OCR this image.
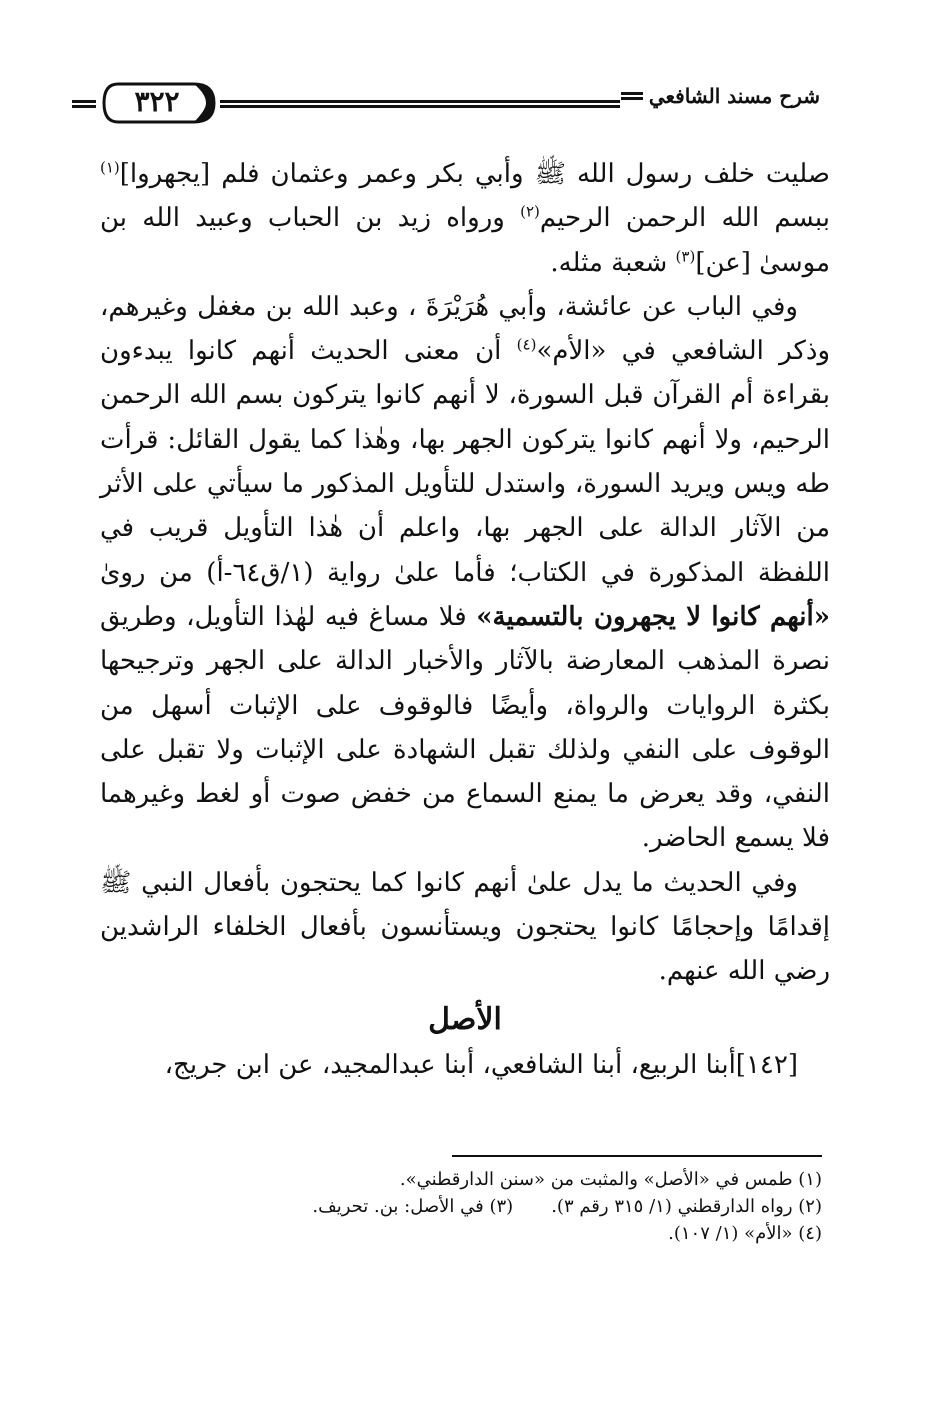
شرح مسند الشافعي
٣٢٢

صليت خلف رسول الله ﷺ وأبي بكر وعمر وعثمان فلم [يجهروا]$^{(١)}$ ببسم الله الرحمن الرحيم$^{(٢)}$ ورواه زيد بن الحباب وعبيد الله بن موسىٰ [عن]$^{(٣)}$ شعبة مثله.

وفي الباب عن عائشة، وأبي هُرَيْرَةَ ، وعبد الله بن مغفل وغيرهم، وذكر الشافعي في «الأم»$^{(٤)}$ أن معنى الحديث أنهم كانوا يبدءون بقراءة أم القرآن قبل السورة، لا أنهم كانوا يتركون بسم الله الرحمن الرحيم، ولا أنهم كانوا يتركون الجهر بها، وهٰذا كما يقول القائل: قرأت طه ويس ويريد السورة، واستدل للتأويل المذكور ما سيأتي على الأثر من الآثار الدالة على الجهر بها، واعلم أن هٰذا التأويل قريب في اللفظة المذكورة في الكتاب؛ فأما علىٰ رواية (١/ق٦٤-أ) من روىٰ «أنهم كانوا لا يجهرون بالتسمية» فلا مساغ فيه لهٰذا التأويل، وطريق نصرة المذهب المعارضة بالآثار والأخبار الدالة على الجهر وترجيحها بكثرة الروايات والرواة، وأيضًا فالوقوف على الإثبات أسهل من الوقوف على النفي ولذلك تقبل الشهادة على الإثبات ولا تقبل على النفي، وقد يعرض ما يمنع السماع من خفض صوت أو لغط وغيرهما فلا يسمع الحاضر.

وفي الحديث ما يدل علىٰ أنهم كانوا كما يحتجون بأفعال النبي ﷺ إقدامًا وإحجامًا كانوا يحتجون ويستأنسون بأفعال الخلفاء الراشدين رضي الله عنهم.

الأصل

[١٤٢]أبنا الربيع، أبنا الشافعي، أبنا عبدالمجيد، عن ابن جريج،

(١) طمس في «الأصل» والمثبت من «سنن الدارقطني».
(٢) رواه الدارقطني (١/ ٣١٥ رقم ٣).(٣) في الأصل: بن. تحريف.
(٤) «الأم» (١/ ١٠٧).
